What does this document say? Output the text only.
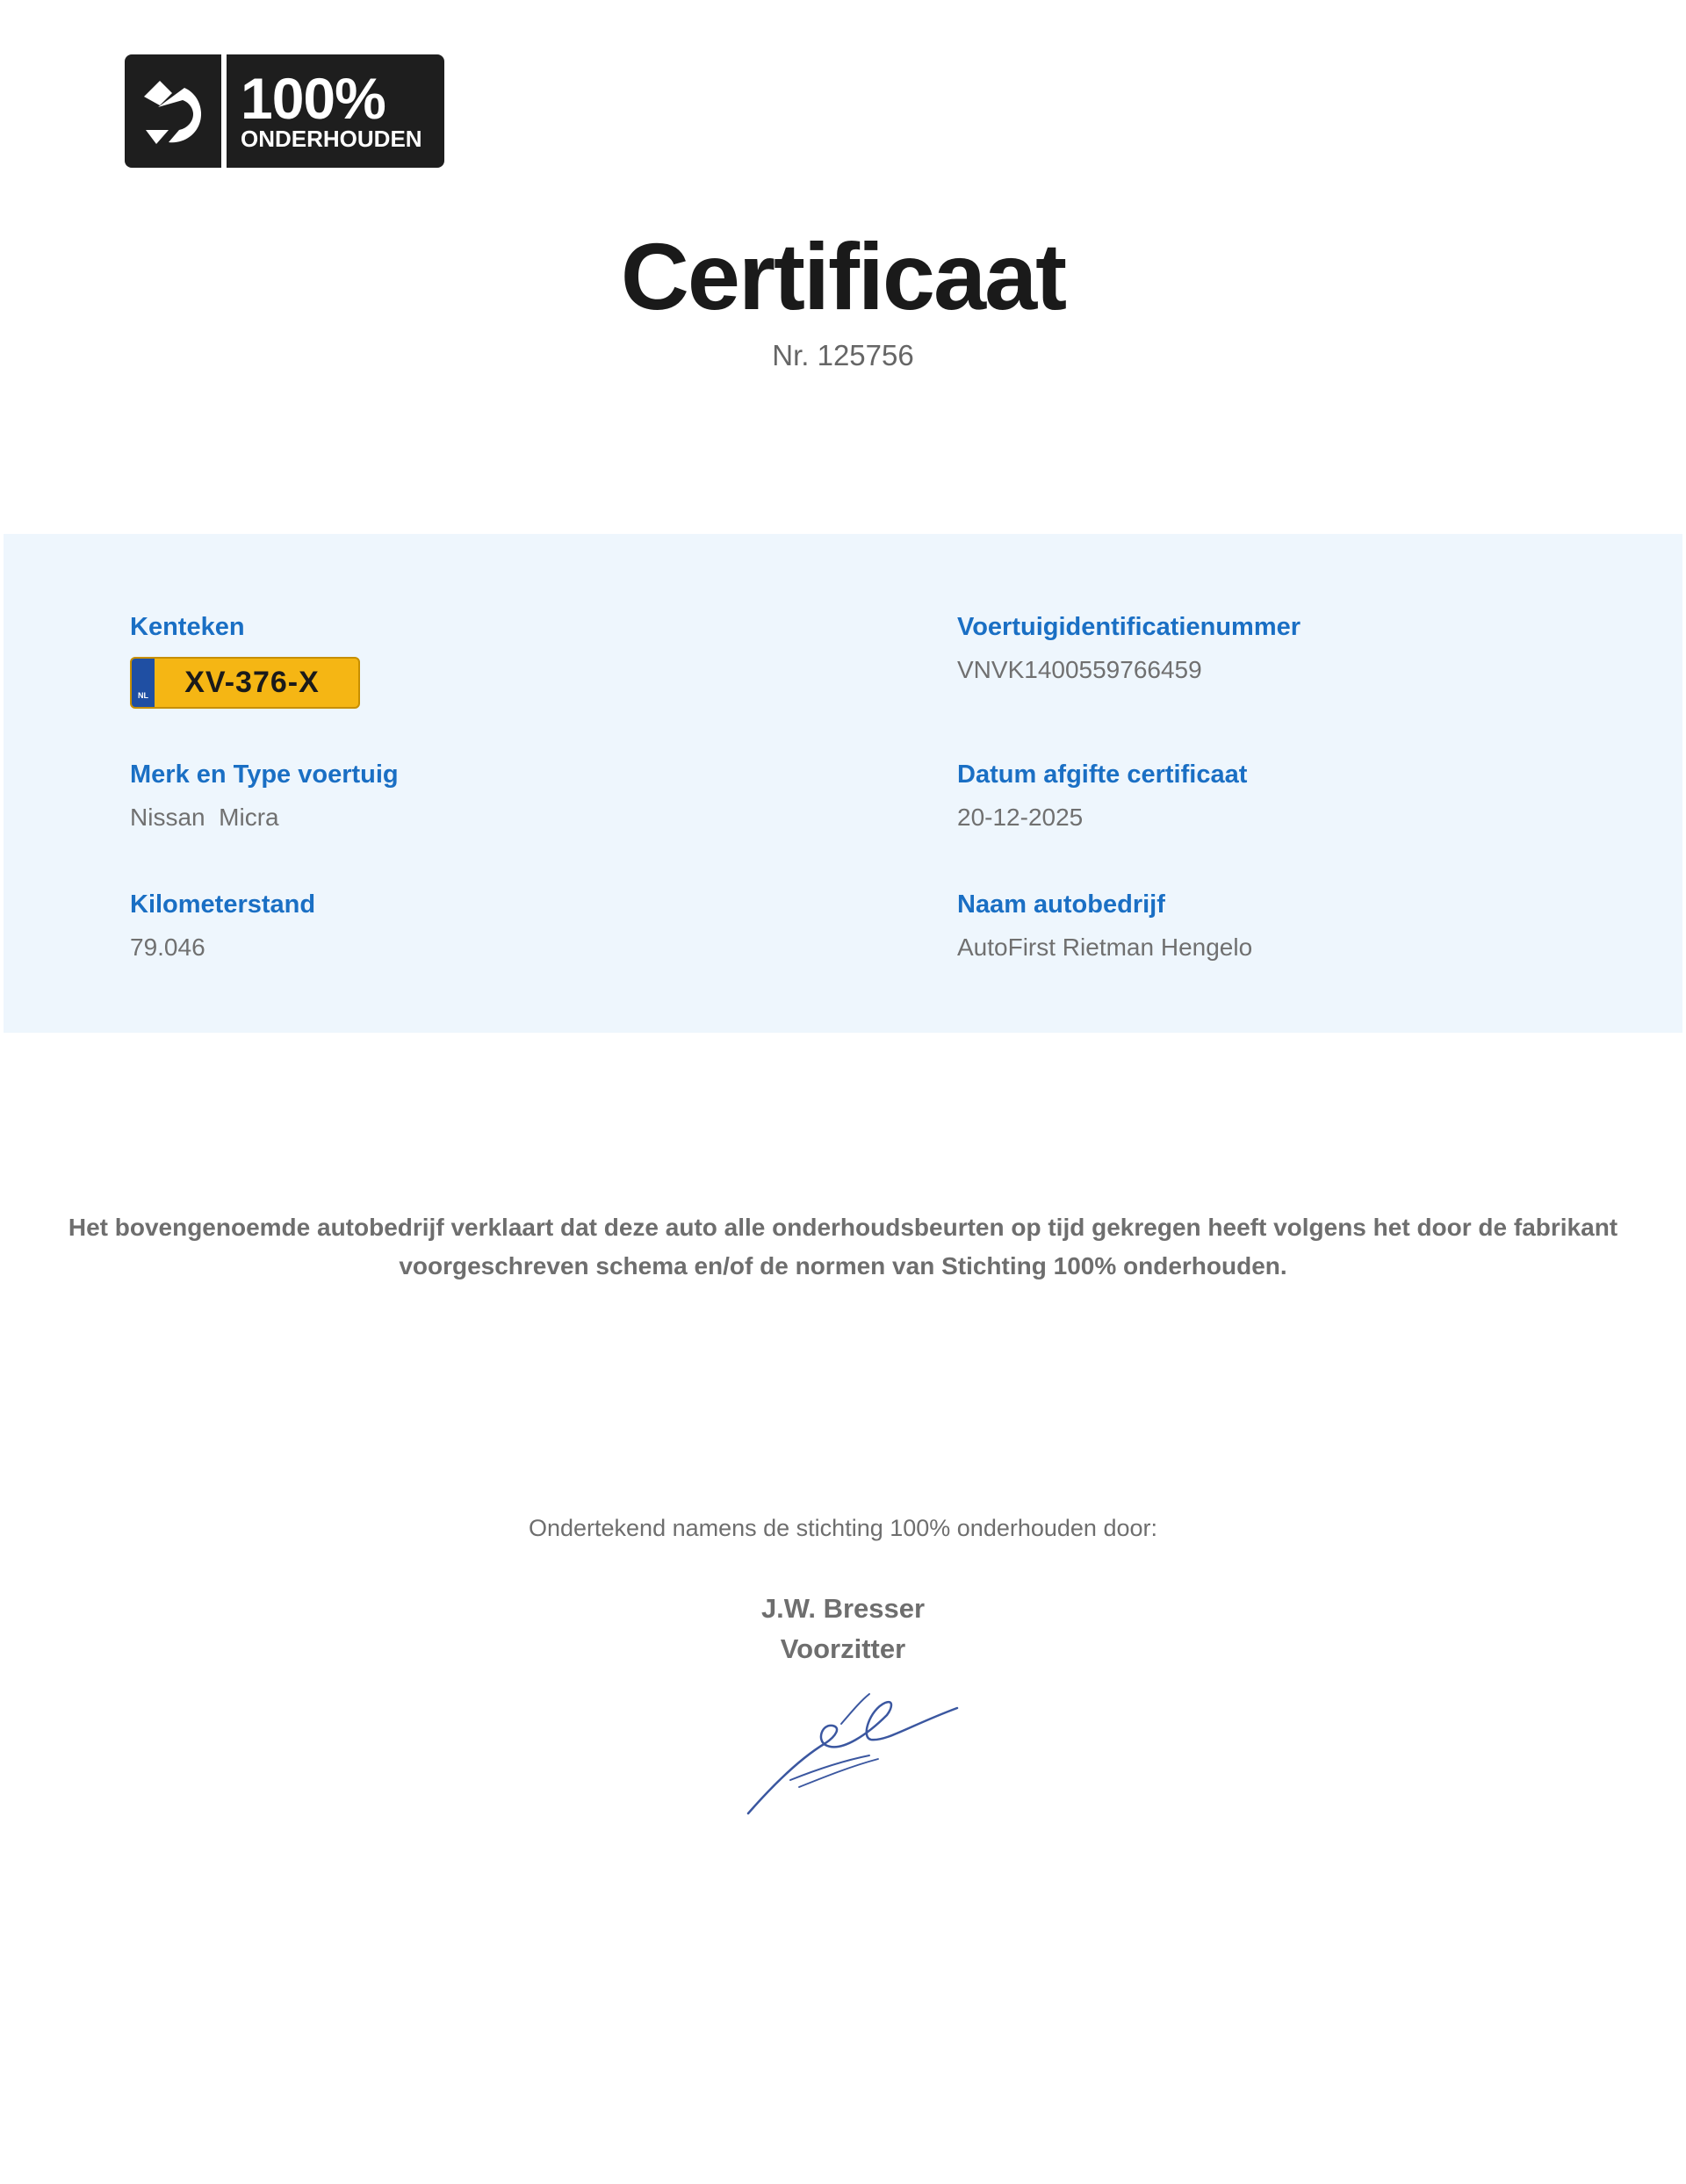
100%
ONDERHOUDEN
Certificaat
Nr. 125756
Kenteken
NL	XV-376-X
Voertuigidentificatienummer
VNVK1400559766459
Merk en Type voertuig
Nissan  Micra
Datum afgifte certificaat
20-12-2025
Kilometerstand
79.046
Naam autobedrijf
AutoFirst Rietman Hengelo
Het bovengenoemde autobedrijf verklaart dat deze auto alle onderhoudsbeurten op tijd gekregen heeft volgens het door de fabrikant
voorgeschreven schema en/of de normen van Stichting 100% onderhouden.
Ondertekend namens de stichting 100% onderhouden door:
J.W. Bresser
Voorzitter
